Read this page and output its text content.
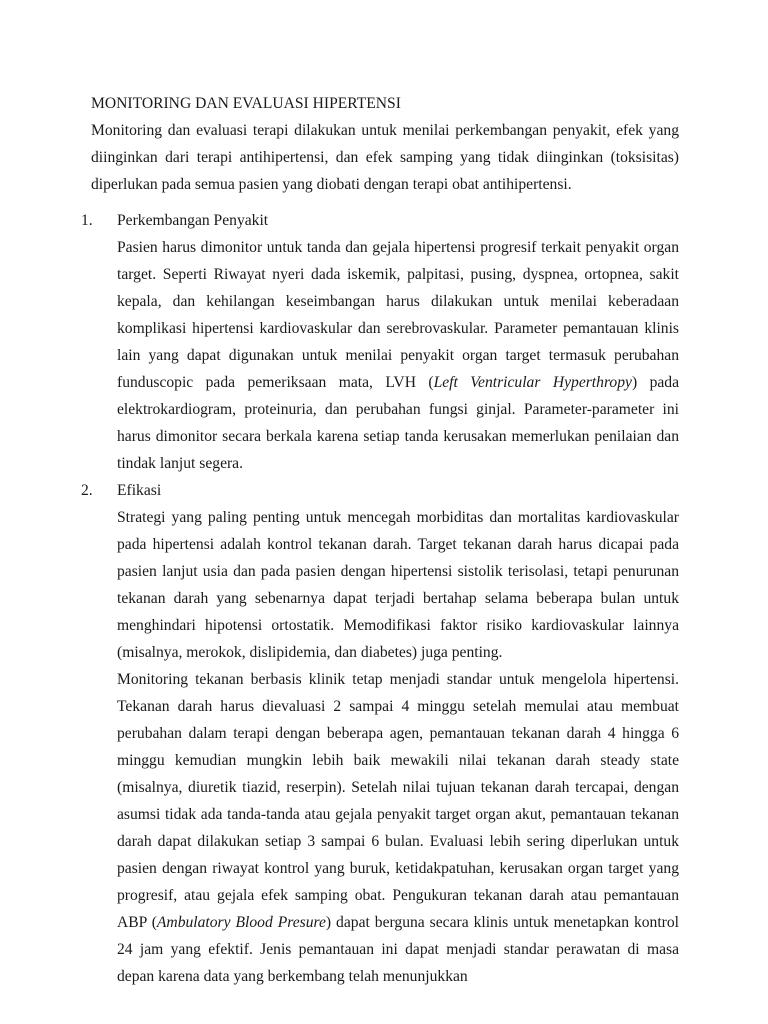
MONITORING DAN EVALUASI HIPERTENSI

Monitoring dan evaluasi terapi dilakukan untuk menilai perkembangan penyakit, efek yang diinginkan dari terapi antihipertensi, dan efek samping yang tidak diinginkan (toksisitas) diperlukan pada semua pasien yang diobati dengan terapi obat antihipertensi.

1. Perkembangan Penyakit

Pasien harus dimonitor untuk tanda dan gejala hipertensi progresif terkait penyakit organ target. Seperti Riwayat nyeri dada iskemik, palpitasi, pusing, dyspnea, ortopnea, sakit kepala, dan kehilangan keseimbangan harus dilakukan untuk menilai keberadaan komplikasi hipertensi kardiovaskular dan serebrovaskular. Parameter pemantauan klinis lain yang dapat digunakan untuk menilai penyakit organ target termasuk perubahan funduscopic pada pemeriksaan mata, LVH (Left Ventricular Hyperthropy) pada elektrokardiogram, proteinuria, dan perubahan fungsi ginjal. Parameter-parameter ini harus dimonitor secara berkala karena setiap tanda kerusakan memerlukan penilaian dan tindak lanjut segera.

2. Efikasi

Strategi yang paling penting untuk mencegah morbiditas dan mortalitas kardiovaskular pada hipertensi adalah kontrol tekanan darah. Target tekanan darah harus dicapai pada pasien lanjut usia dan pada pasien dengan hipertensi sistolik terisolasi, tetapi penurunan tekanan darah yang sebenarnya dapat terjadi bertahap selama beberapa bulan untuk menghindari hipotensi ortostatik. Memodifikasi faktor risiko kardiovaskular lainnya (misalnya, merokok, dislipidemia, dan diabetes) juga penting.

Monitoring tekanan berbasis klinik tetap menjadi standar untuk mengelola hipertensi. Tekanan darah harus dievaluasi 2 sampai 4 minggu setelah memulai atau membuat perubahan dalam terapi dengan beberapa agen, pemantauan tekanan darah 4 hingga 6 minggu kemudian mungkin lebih baik mewakili nilai tekanan darah steady state (misalnya, diuretik tiazid, reserpin). Setelah nilai tujuan tekanan darah tercapai, dengan asumsi tidak ada tanda-tanda atau gejala penyakit target organ akut, pemantauan tekanan darah dapat dilakukan setiap 3 sampai 6 bulan. Evaluasi lebih sering diperlukan untuk pasien dengan riwayat kontrol yang buruk, ketidakpatuhan, kerusakan organ target yang progresif, atau gejala efek samping obat. Pengukuran tekanan darah atau pemantauan ABP (Ambulatory Blood Presure) dapat berguna secara klinis untuk menetapkan kontrol 24 jam yang efektif. Jenis pemantauan ini dapat menjadi standar perawatan di masa depan karena data yang berkembang telah menunjukkan
